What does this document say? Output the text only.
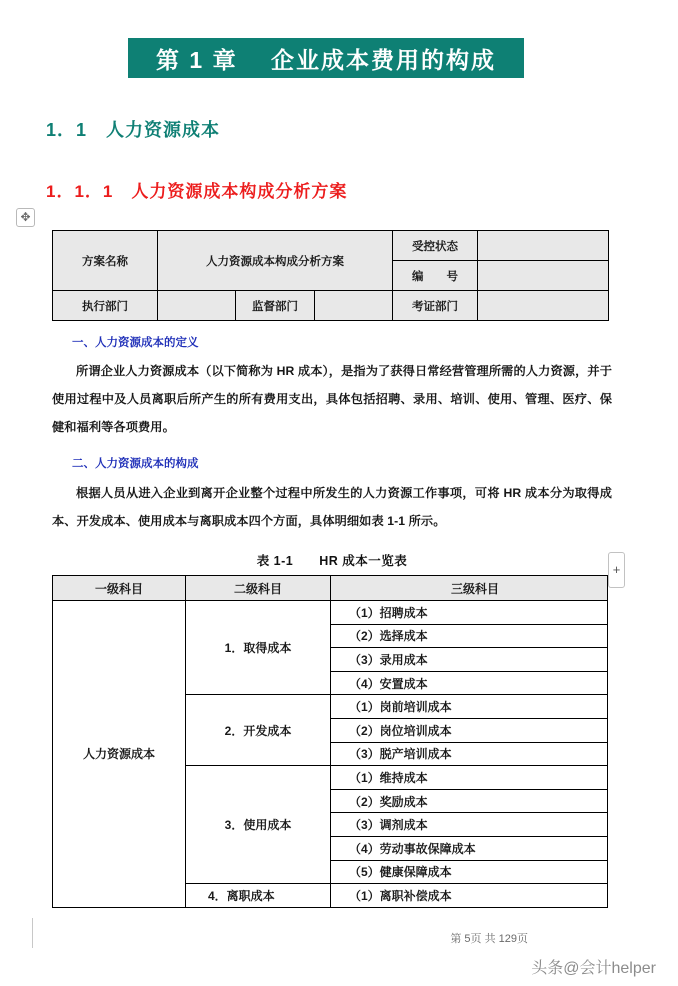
第 1 章　 企业成本费用的构成
1．1　人力资源成本
1．1．1　人力资源成本构成分析方案
✥
+
方案名称	人力资源成本构成分析方案			受控状态	
				编　　号	
执行部门		监督部门		考证部门	
一、人力资源成本的定义
所谓企业人力资源成本（以下简称为 HR 成本），是指为了获得日常经营管理所需的人力资源，并于使用过程中及人员离职后所产生的所有费用支出，具体包括招聘、录用、培训、使用、管理、医疗、保健和福利等各项费用。
二、人力资源成本的构成
根据人员从进入企业到离开企业整个过程中所发生的人力资源工作事项，可将 HR 成本分为取得成本、开发成本、使用成本与离职成本四个方面，具体明细如表 1-1 所示。
表 1-1　　HR 成本一览表
一级科目	二级科目	三级科目
人力资源成本	1．取得成本	（1）招聘成本
		（2）选择成本
		（3）录用成本
		（4）安置成本
	2．开发成本	（1）岗前培训成本
		（2）岗位培训成本
		（3）脱产培训成本
	3．使用成本	（1）维持成本
		（2）奖励成本
		（3）调剂成本
		（4）劳动事故保障成本
		（5）健康保障成本
	4．离职成本	（1）离职补偿成本
第 5页 共 129页
头条@会计helper
